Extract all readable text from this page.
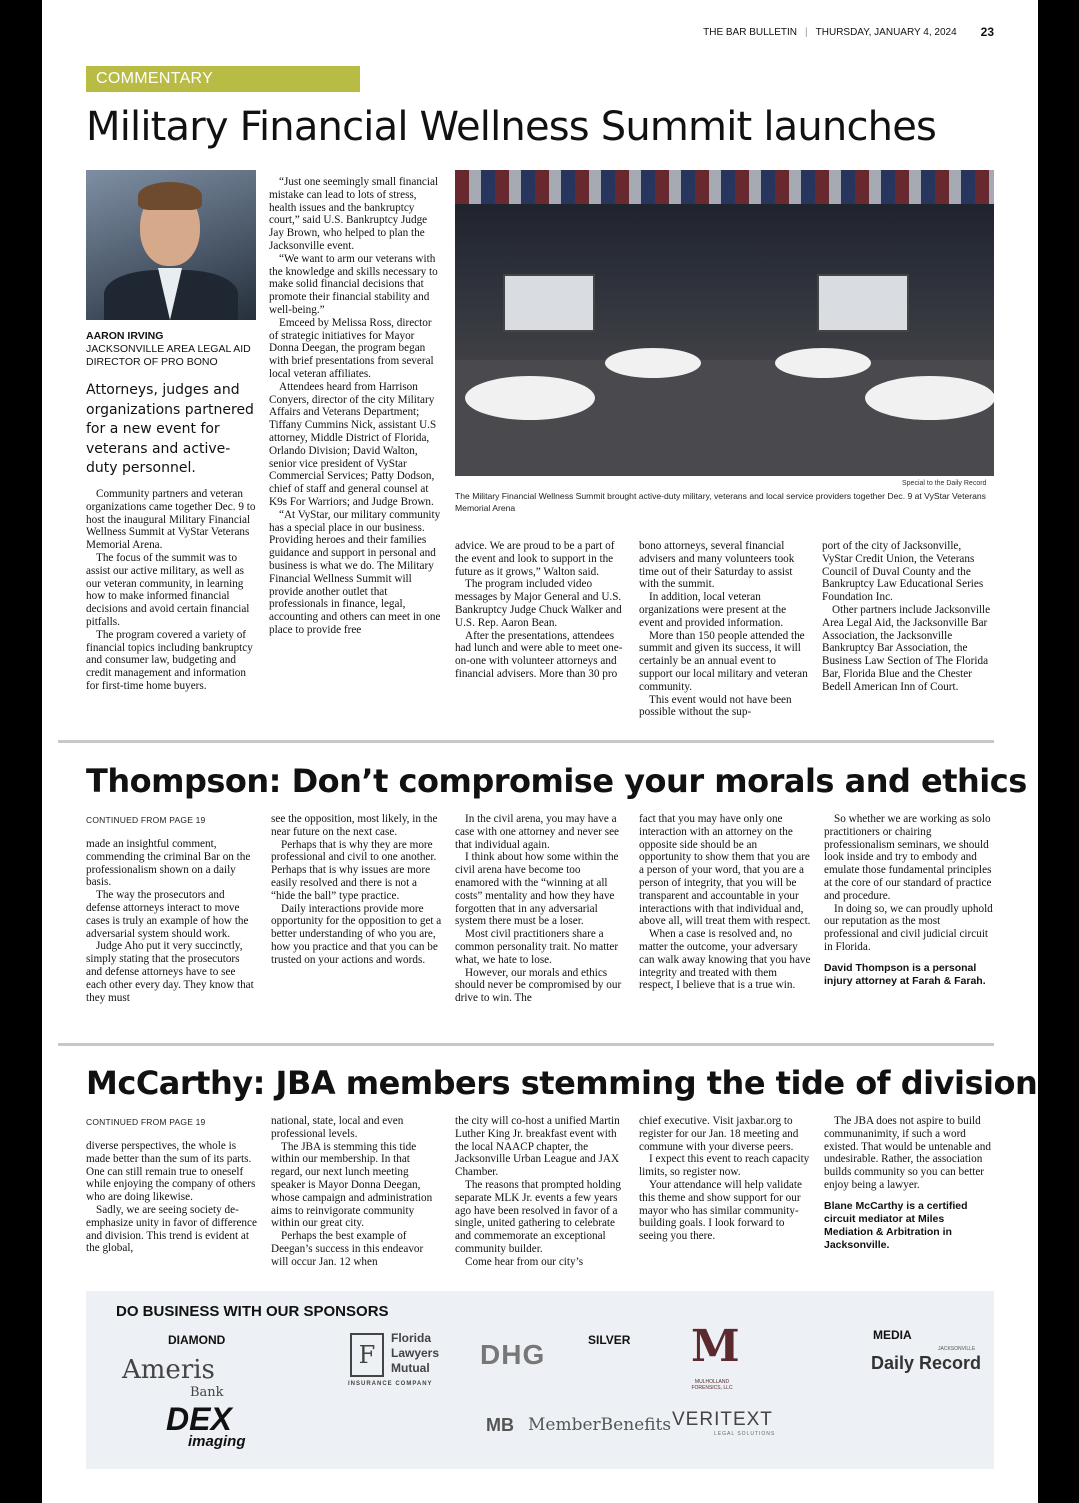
THE BAR BULLETIN | THURSDAY, JANUARY 4, 2024 23
COMMENTARY
Military Financial Wellness Summit launches
AARON IRVING
JACKSONVILLE AREA LEGAL AID
DIRECTOR OF PRO BONO
Attorneys, judges and organizations partnered for a new event for veterans and active-duty personnel.

Community partners and veteran organizations came together Dec. 9 to host the inaugural Military Financial Wellness Summit at VyStar Veterans Memorial Arena.

The focus of the summit was to assist our active military, as well as our veteran community, in learning how to make informed financial decisions and avoid certain financial pitfalls.

The program covered a variety of financial topics including bankruptcy and consumer law, budgeting and credit management and information for first-time home buyers.

“Just one seemingly small financial mistake can lead to lots of stress, health issues and the bankruptcy court,” said U.S. Bankruptcy Judge Jay Brown, who helped to plan the Jacksonville event.

“We want to arm our veterans with the knowledge and skills necessary to make solid financial decisions that promote their financial stability and well-being.”

Emceed by Melissa Ross, director of strategic initiatives for Mayor Donna Deegan, the program began with brief presentations from several local veteran affiliates.

Attendees heard from Harrison Conyers, director of the city Military Affairs and Veterans Department; Tiffany Cummins Nick, assistant U.S attorney, Middle District of Florida, Orlando Division; David Walton, senior vice president of VyStar Commercial Services; Patty Dodson, chief of staff and general counsel at K9s For Warriors; and Judge Brown.

“At VyStar, our military community has a special place in our business. Providing heroes and their families guidance and support in personal and business is what we do. The Military Financial Wellness Summit will provide another outlet that professionals in finance, legal, accounting and others can meet in one place to provide free

Special to the Daily Record
The Military Financial Wellness Summit brought active-duty military, veterans and local service providers together Dec. 9 at VyStar Veterans Memorial Arena

advice. We are proud to be a part of the event and look to support in the future as it grows,” Walton said.

The program included video messages by Major General and U.S. Bankruptcy Judge Chuck Walker and U.S. Rep. Aaron Bean.

After the presentations, attendees had lunch and were able to meet one-on-one with volunteer attorneys and financial advisers. More than 30 pro

bono attorneys, several financial advisers and many volunteers took time out of their Saturday to assist with the summit.

In addition, local veteran organizations were present at the event and provided information.

More than 150 people attended the summit and given its success, it will certainly be an annual event to support our local military and veteran community.

This event would not have been possible without the sup-

port of the city of Jacksonville, VyStar Credit Union, the Veterans Council of Duval County and the Bankruptcy Law Educational Series Foundation Inc.

Other partners include Jacksonville Area Legal Aid, the Jacksonville Bar Association, the Jacksonville Bankruptcy Bar Association, the Business Law Section of The Florida Bar, Florida Blue and the Chester Bedell American Inn of Court.

Thompson: Don’t compromise your morals and ethics
CONTINUED FROM PAGE 19

made an insightful comment, commending the criminal Bar on the professionalism shown on a daily basis.

The way the prosecutors and defense attorneys interact to move cases is truly an example of how the adversarial system should work.

Judge Aho put it very succinctly, simply stating that the prosecutors and defense attorneys have to see each other every day. They know that they must

see the opposition, most likely, in the near future on the next case.

Perhaps that is why they are more professional and civil to one another. Perhaps that is why issues are more easily resolved and there is not a “hide the ball” type practice.

Daily interactions provide more opportunity for the opposition to get a better understanding of who you are, how you practice and that you can be trusted on your actions and words.

In the civil arena, you may have a case with one attorney and never see that individual again.

I think about how some within the civil arena have become too enamored with the “winning at all costs” mentality and how they have forgotten that in any adversarial system there must be a loser.

Most civil practitioners share a common personality trait. No matter what, we hate to lose.

However, our morals and ethics should never be compromised by our drive to win. The

fact that you may have only one interaction with an attorney on the opposite side should be an opportunity to show them that you are a person of your word, that you are a person of integrity, that you will be transparent and accountable in your interactions with that individual and, above all, will treat them with respect.

When a case is resolved and, no matter the outcome, your adversary can walk away knowing that you have integrity and treated with them respect, I believe that is a true win.

So whether we are working as solo practitioners or chairing professionalism seminars, we should look inside and try to embody and emulate those fundamental principles at the core of our standard of practice and procedure.

In doing so, we can proudly uphold our reputation as the most professional and civil judicial circuit in Florida.

David Thompson is a personal injury attorney at Farah & Farah.

McCarthy: JBA members stemming the tide of division
CONTINUED FROM PAGE 19

diverse perspectives, the whole is made better than the sum of its parts. One can still remain true to oneself while enjoying the company of others who are doing likewise.

Sadly, we are seeing society de-emphasize unity in favor of difference and division. This trend is evident at the global,

national, state, local and even professional levels.

The JBA is stemming this tide within our membership. In that regard, our next lunch meeting speaker is Mayor Donna Deegan, whose campaign and administration aims to reinvigorate community within our great city.

Perhaps the best example of Deegan’s success in this endeavor will occur Jan. 12 when

the city will co-host a unified Martin Luther King Jr. breakfast event with the local NAACP chapter, the Jacksonville Urban League and JAX Chamber.

The reasons that prompted holding separate MLK Jr. events a few years ago have been resolved in favor of a single, united gathering to celebrate and commemorate an exceptional community builder.

Come hear from our city’s

chief executive. Visit jaxbar.org to register for our Jan. 18 meeting and commune with your diverse peers.

I expect this event to reach capacity limits, so register now.

Your attendance will help validate this theme and show support for our mayor who has similar community-building goals. I look forward to seeing you there.

The JBA does not aspire to build communanimity, if such a word existed. That would be untenable and undesirable. Rather, the association builds community so you can better enjoy being a lawyer.

Blane McCarthy is a certified circuit mediator at Miles Mediation & Arbitration in Jacksonville.

DO BUSINESS WITH OUR SPONSORS
DIAMOND	SILVER	MEDIA
Ameris
Bank
DEX
imaging
F
Florida
Lawyers
Mutual
INSURANCE COMPANY
DHG	M
MULHOLLAND FORENSICS, LLC
Daily Record
JACKSONVILLE
MB MemberBenefits VERITEXT
LEGAL SOLUTIONS
